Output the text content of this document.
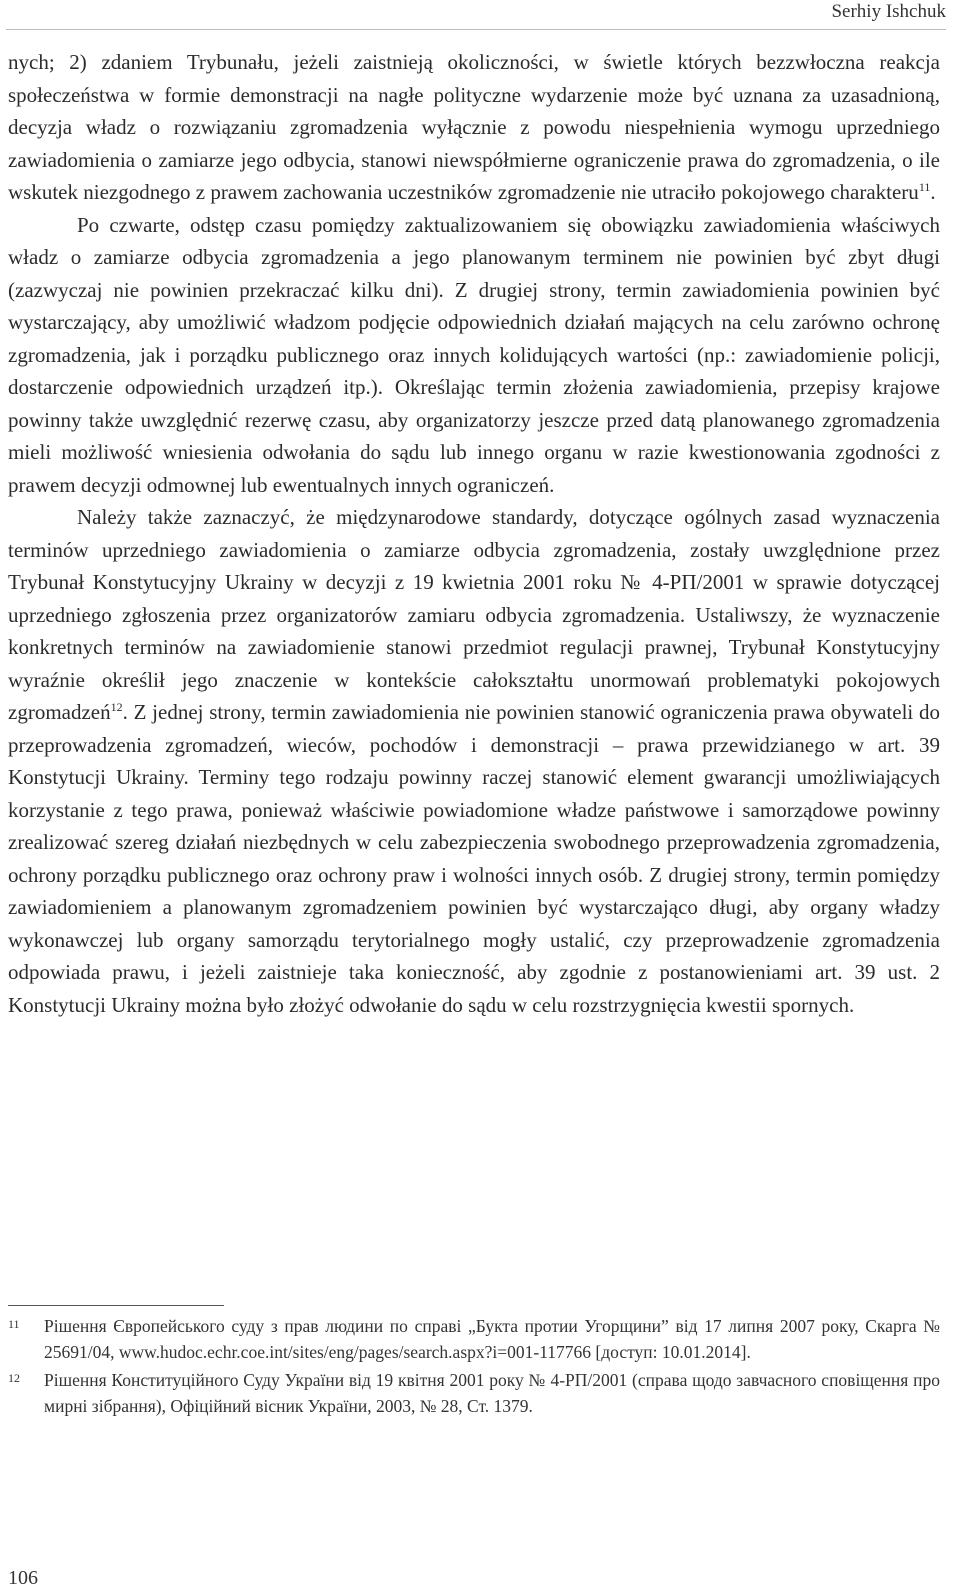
Serhiy Ishchuk

nych; 2) zdaniem Trybunału, jeżeli zaistnieją okoliczności, w świetle których bezzwłoczna reakcja społeczeństwa w formie demonstracji na nagłe polityczne wydarzenie może być uznana za uzasadnioną, decyzja władz o rozwiązaniu zgromadzenia wyłącznie z powodu niespełnienia wymogu uprzedniego zawiadomienia o zamiarze jego odbycia, stanowi niewspółmierne ograniczenie prawa do zgromadzenia, o ile wskutek niezgodnego z prawem zachowania uczestników zgromadzenie nie utraciło pokojowego charakteru$^{11}$.

Po czwarte, odstęp czasu pomiędzy zaktualizowaniem się obowiązku zawiadomienia właściwych władz o zamiarze odbycia zgromadzenia a jego planowanym terminem nie powinien być zbyt długi (zazwyczaj nie powinien przekraczać kilku dni). Z drugiej strony, termin zawiadomienia powinien być wystarczający, aby umożliwić władzom podjęcie odpowiednich działań mających na celu zarówno ochronę zgromadzenia, jak i porządku publicznego oraz innych kolidujących wartości (np.: zawiadomienie policji, dostarczenie odpowiednich urządzeń itp.). Określając termin złożenia zawiadomienia, przepisy krajowe powinny także uwzględnić rezerwę czasu, aby organizatorzy jeszcze przed datą planowanego zgromadzenia mieli możliwość wniesienia odwołania do sądu lub innego organu w razie kwestionowania zgodności z prawem decyzji odmownej lub ewentualnych innych ograniczeń.

Należy także zaznaczyć, że międzynarodowe standardy, dotyczące ogólnych zasad wyznaczenia terminów uprzedniego zawiadomienia o zamiarze odbycia zgromadzenia, zostały uwzględnione przez Trybunał Konstytucyjny Ukrainy w decyzji z 19 kwietnia 2001 roku № 4-РП/2001 w sprawie dotyczącej uprzedniego zgłoszenia przez organizatorów zamiaru odbycia zgromadzenia. Ustaliwszy, że wyznaczenie konkretnych terminów na zawiadomienie stanowi przedmiot regulacji prawnej, Trybunał Konstytucyjny wyraźnie określił jego znaczenie w kontekście całokształtu unormowań problematyki pokojowych zgromadzeń$^{12}$. Z jednej strony, termin zawiadomienia nie powinien stanowić ograniczenia prawa obywateli do przeprowadzenia zgromadzeń, wieców, pochodów i demonstracji – prawa przewidzianego w art. 39 Konstytucji Ukrainy. Terminy tego rodzaju powinny raczej stanowić element gwarancji umożliwiających korzystanie z tego prawa, ponieważ właściwie powiadomione władze państwowe i samorządowe powinny zrealizować szereg działań niezbędnych w celu zabezpieczenia swobodnego przeprowadzenia zgromadzenia, ochrony porządku publicznego oraz ochrony praw i wolności innych osób. Z drugiej strony, termin pomiędzy zawiadomieniem a planowanym zgromadzeniem powinien być wystarczająco długi, aby organy władzy wykonawczej lub organy samorządu terytorialnego mogły ustalić, czy przeprowadzenie zgromadzenia odpowiada prawu, i jeżeli zaistnieje taka konieczność, aby zgodnie z postanowieniami art. 39 ust. 2 Konstytucji Ukrainy można było złożyć odwołanie do sądu w celu rozstrzygnięcia kwestii spornych.

11	Рішення Європейського суду з прав людини по справі „Букта протии Угорщини” від 17 липня 2007 року, Скарга № 25691/04, www.hudoc.echr.coe.int/sites/eng/pages/search.aspx?i=001-117766 [доступ: 10.01.2014].
12	Рішення Конституційного Суду України від 19 квітня 2001 року № 4-РП/2001 (справа щодо завчасного сповіщення про мирні зібрання), Офіційний вісник України, 2003, № 28, Ст. 1379.
106
